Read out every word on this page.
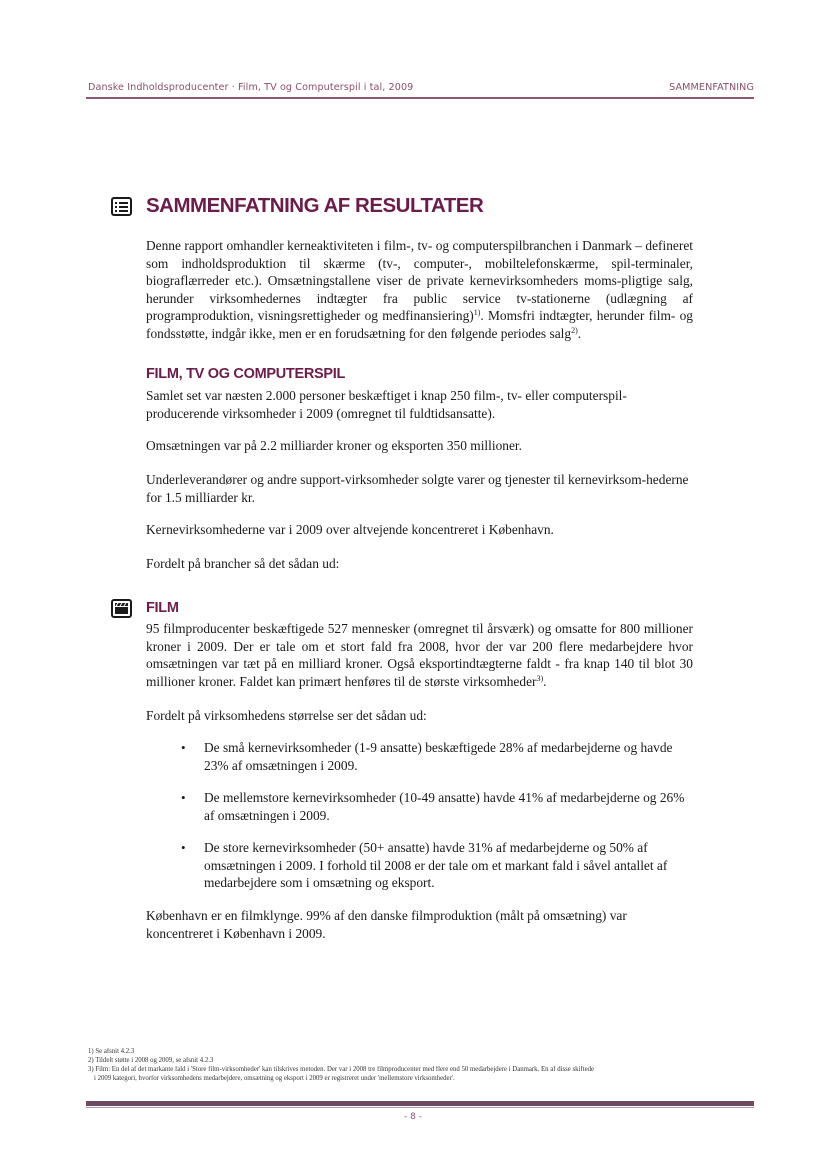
Danske Indholdsproducenter · Film, TV og Computerspil i tal, 2009	SAMMENFATNING
SAMMENFATNING AF RESULTATER
Denne rapport omhandler kerneaktiviteten i film-, tv- og computerspilbranchen i Danmark – defineret som indholdsproduktion til skærme (tv-, computer-, mobiltelefonskærme, spil-terminaler, biograflærreder etc.). Omsætningstallene viser de private kernevirksomheders moms-pligtige salg, herunder virksomhedernes indtægter fra public service tv-stationerne (udlægning af programproduktion, visningsrettigheder og medfinansiering)$^{1)}$. Momsfri indtægter, herunder film- og fondsstøtte, indgår ikke, men er en forudsætning for den følgende periodes salg$^{2)}$.
FILM, TV OG COMPUTERSPIL
Samlet set var næsten 2.000 personer beskæftiget i knap 250 film-, tv- eller computerspil-producerende virksomheder i 2009 (omregnet til fuldtidsansatte).
Omsætningen var på 2.2 milliarder kroner og eksporten 350 millioner.
Underleverandører og andre support-virksomheder solgte varer og tjenester til kernevirksom-hederne for 1.5 milliarder kr.
Kernevirksomhederne var i 2009 over altvejende koncentreret i København.
Fordelt på brancher så det sådan ud:
FILM
95 filmproducenter beskæftigede 527 mennesker (omregnet til årsværk) og omsatte for 800 millioner kroner i 2009. Der er tale om et stort fald fra 2008, hvor der var 200 flere medarbejdere hvor omsætningen var tæt på en milliard kroner. Også eksportindtægterne faldt - fra knap 140 til blot 30 millioner kroner. Faldet kan primært henføres til de største virksomheder$^{3)}$.
Fordelt på virksomhedens størrelse ser det sådan ud:
• De små kernevirksomheder (1-9 ansatte) beskæftigede 28% af medarbejderne og havde 23% af omsætningen i 2009.
• De mellemstore kernevirksomheder (10-49 ansatte) havde 41% af medarbejderne og 26% af omsætningen i 2009.
• De store kernevirksomheder (50+ ansatte) havde 31% af medarbejderne og 50% af omsætningen i 2009. I forhold til 2008 er der tale om et markant fald i såvel antallet af medarbejdere som i omsætning og eksport.
København er en filmklynge. 99% af den danske filmproduktion (målt på omsætning) var koncentreret i København i 2009.
1) Se afsnit 4.2.3
2) Tildelt støtte i 2008 og 2009, se afsnit 4.2.3
3) Film: En del af det markante fald i 'Store film-virksomheder' kan tilskrives metoden. Der var i 2008 tre filmproducenter med flere end 50 medarbejdere i Danmark. En af disse skiftede
i 2009 kategori, hvorfor virksomhedens medarbejdere, omsætning og eksport i 2009 er registreret under 'mellemstore virksomheder'.
- 8 -
